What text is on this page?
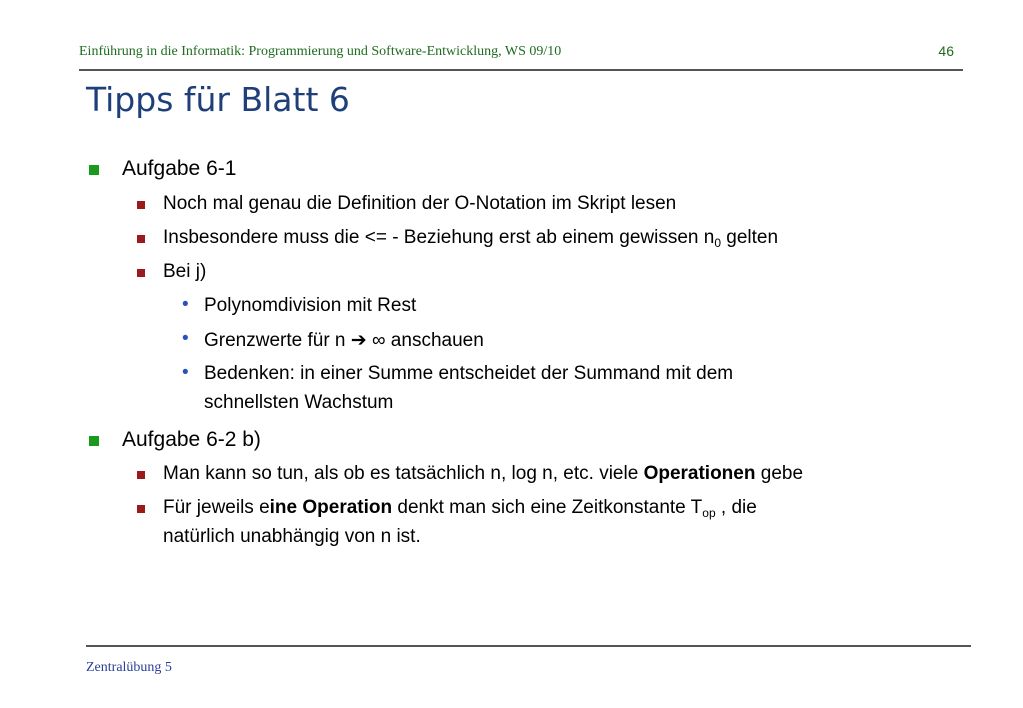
Einführung in die Informatik: Programmierung und Software-Entwicklung, WS 09/10	46
Tipps für Blatt 6
Aufgabe 6-1
Noch mal genau die Definition der O-Notation im Skript lesen
Insbesondere muss die <= - Beziehung erst ab einem gewissen $n_0$ gelten
Bei j)
• Polynomdivision mit Rest
• Grenzwerte für n ➔ ∞ anschauen
• Bedenken: in einer Summe entscheidet der Summand mit dem
schnellsten Wachstum
Aufgabe 6-2 b)
Man kann so tun, als ob es tatsächlich n, log n, etc. viele Operationen gebe
Für jeweils eine Operation denkt man sich eine Zeitkonstante $T_{op}$ , die
natürlich unabhängig von n ist.
Zentralübung 5
